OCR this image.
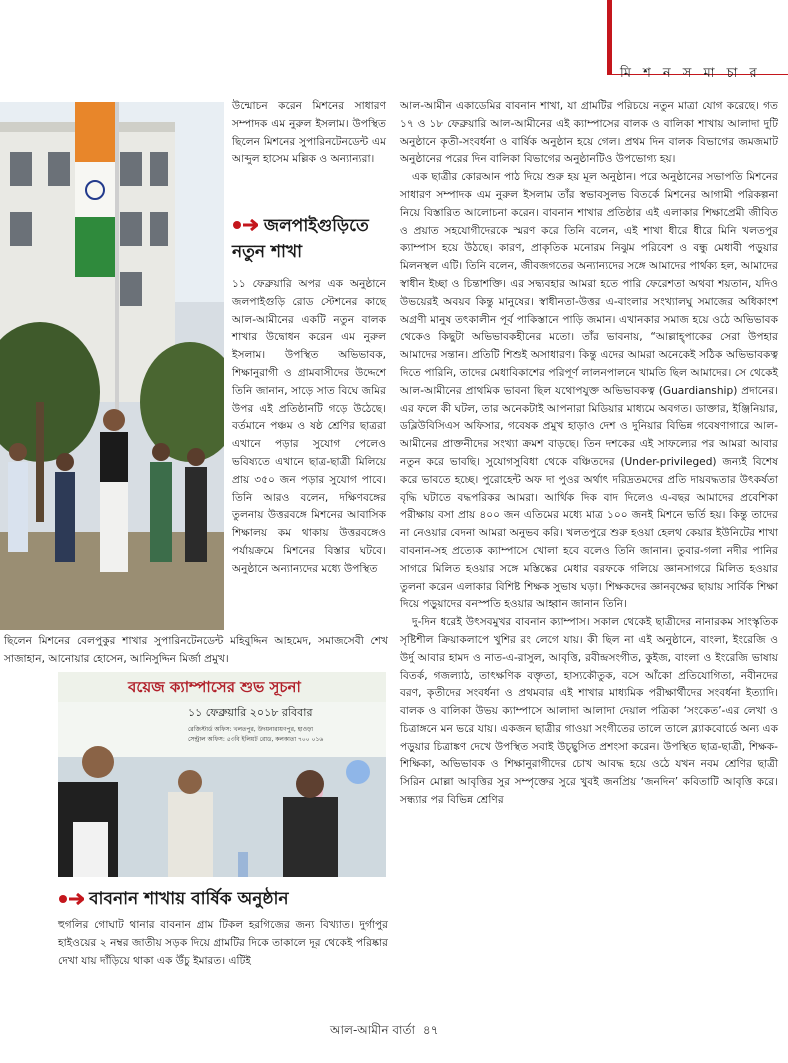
মি শ ন স মা চা র
উন্মোচন করেন মিশনের সাধারণ সম্পাদক এম নুরুল ইসলাম। উপস্থিত ছিলেন মিশনের সুপারিনটেনডেন্ট এম আব্দুল হাসেম মল্লিক ও অন্যান্যরা।
জলপাইগুড়িতে
নতুন শাখা
১১ ফেব্রুয়ারি অপর এক অনুষ্ঠানে জলপাইগুড়ি রোড স্টেশনের কাছে আল-আমীনের একটি নতুন বালক শাখার উদ্বোধন করেন এম নুরুল ইসলাম। উপস্থিত অভিভাবক, শিক্ষানুরাগী ও গ্রামবাসীদের উদ্দেশে তিনি জানান, সাড়ে সাত বিঘে জমির উপর এই প্রতিষ্ঠানটি গড়ে উঠেছে। বর্তমানে পঞ্চম ও ষষ্ঠ শ্রেণির ছাত্ররা এখানে পড়ার সুযোগ পেলেও ভবিষ্যতে এখানে ছাত্র-ছাত্রী মিলিয়ে প্রায় ৩৫০ জন পড়ার সুযোগ পাবে। তিনি আরও বলেন, দক্ষিণবঙ্গের তুলনায় উত্তরবঙ্গে মিশনের আবাসিক শিক্ষালয় কম থাকায় উত্তরবঙ্গেও পর্যায়ক্রমে মিশনের বিস্তার ঘটবে। অনুষ্ঠানে অন্যান্যদের মধ্যে উপস্থিত
ছিলেন মিশনের বেলপুকুর শাখার সুপারিনটেনডেন্ট মহিবুদ্দিন আহমেদ, সমাজসেবী শেখ সাজাহান, আনোয়ার হোসেন, আনিসুদ্দিন মির্জা প্রমুখ।
বয়েজ ক্যাম্পাসের শুভ সূচনা
১১ ফেব্রুয়ারি ২০১৮ রবিবার
রেজিস্টার্ড অফিস: খলতপুর, উদয়নারায়ণপুর, হাওড়া
সেন্ট্রাল অফিস: ৫৩বি ইলিয়ট রোড, কলকাতা ৭০০ ০১৬
বাবনান শাখায় বার্ষিক অনুষ্ঠান
হুগলির গোঘাট থানার বাবনান গ্রাম টিকল হরগিজের জন্য বিখ্যাত। দুর্গাপুর হাইওয়ের ২ নম্বর জাতীয় সড়ক দিয়ে গ্রামটির দিকে তাকালে দূর থেকেই পরিষ্কার দেখা যায় দাঁড়িয়ে থাকা এক উঁচু ইমারত। এটিই

আল-আমীন একাডেমির বাবনান শাখা, যা গ্রামটির পরিচয়ে নতুন মাত্রা যোগ করেছে। গত ১৭ ও ১৮ ফেব্রুয়ারি আল-আমীনের এই ক্যাম্পাসের বালক ও বালিকা শাখায় আলাদা দুটি অনুষ্ঠানে কৃতী-সংবর্ধনা ও বার্ষিক অনুষ্ঠান হয়ে গেল। প্রথম দিন বালক বিভাগের জমজমাট অনুষ্ঠানের পরের দিন বালিকা বিভাগের অনুষ্ঠানটিও উপভোগ্য হয়।

এক ছাত্রীর কোরআন পাঠ দিয়ে শুরু হয় মূল অনুষ্ঠান। পরে অনুষ্ঠানের সভাপতি মিশনের সাধারণ সম্পাদক এম নুরুল ইসলাম তাঁর স্বভাবসুলভ বিতর্কে মিশনের আগামী পরিকল্পনা নিয়ে বিস্তারিত আলোচনা করেন। বাবনান শাখার প্রতিষ্ঠার এই এলাকার শিক্ষাপ্রেমী জীবিত ও প্রয়াত সহযোগীদেরকে স্মরণ করে তিনি বলেন, এই শাখা ধীরে ধীরে মিনি খলতপুর ক্যাম্পাস হয়ে উঠছে। কারণ, প্রাকৃতিক মনোরম নিঝুম পরিবেশ ও বন্ধু মেধাবী পড়ুয়ার মিলনস্থল এটি। তিনি বলেন, জীবজগতের অন্যান্যদের সঙ্গে আমাদের পার্থক্য হল, আমাদের স্বাধীন ইচ্ছা ও চিন্তাশক্তি। এর সদ্ব্যবহার আমরা হতে পারি ফেরেশতা অথবা শয়তান, যদিও উভয়েরই অবয়ব কিন্তু মানুষের। স্বাধীনতা-উত্তর এ-বাংলার সংখ্যালঘু সমাজের অধিকাংশ অগ্রণী মানুষ তৎকালীন পূর্ব পাকিস্তানে পাড়ি জমান। এখানকার সমাজ হয়ে ওঠে অভিভাবক থেকেও কিছুটা অভিভাবকহীনের মতো। তাঁর ভাবনায়, “আল্লাহ্‌পাকের সেরা উপহার আমাদের সন্তান। প্রতিটি শিশুই অসাধারণ। কিন্তু এদের আমরা অনেকেই সঠিক অভিভাবকত্ব দিতে পারিনি, তাদের মেধাবিকাশের পরিপূর্ণ লালনপালনে খামতি ছিল আমাদের। সে থেকেই আল-আমীনের প্রাথমিক ভাবনা ছিল যথোপযুক্ত অভিভাবকত্ব (Guardianship) প্রদানের। এর ফলে কী ঘটল, তার অনেকটাই আপনারা মিডিয়ার মাধ্যমে অবগত। ডাক্তার, ইঞ্জিনিয়ার, ডব্লিউবিসিএস অফিসার, গবেষক প্রমুখ হাড়াও দেশ ও দুনিয়ার বিভিন্ন গবেষণাগারে আল-আমীনের প্রাক্তনীদের সংখ্যা ক্রমশ বাড়ছে। তিন দশকের এই সাফল্যের পর আমরা আবার নতুন করে ভাবছি। সুযোগসুবিধা থেকে বঞ্চিতদের (Under-privileged) জন্যই বিশেষ করে ভাবতে হচ্ছে। পুরোহেন্ট অফ দা পুওর অর্থাৎ দরিদ্রতমদের প্রতি দায়বদ্ধতার উৎকর্ষতা বৃদ্ধি ঘটাতে বদ্ধপরিকর আমরা। আর্থিক দিক বাদ দিলেও এ-বছর আমাদের প্রবেশিকা পরীক্ষায় বসা প্রায় ৪০০ জন এতিমের মধ্যে মাত্র ১০০ জনই মিশনে ভর্তি হয়। কিন্তু তাদের না নেওয়ার বেদনা আমরা অনুভব করি। খলতপুরে শুরু হওয়া হেলথ কেয়ার ইউনিটের শাখা বাবনান-সহ প্রত্যেক ক্যাম্পাসে খোলা হবে বলেও তিনি জানান। তুবার-গলা নদীর পানির সাগরে মিলিত হওয়ার সঙ্গে মস্তিষ্কের মেধার বরফকে গলিয়ে জ্ঞানসাগরে মিলিত হওয়ার তুলনা করেন এলাকার বিশিষ্ট শিক্ষক সুভাষ ঘড়া। শিক্ষকদের জ্ঞানবৃক্ষের ছায়ায় সার্বিক শিক্ষা দিয়ে পড়ুয়াদের বনস্পতি হওয়ার আহ্বান জানান তিনি।

দু-দিন ধরেই উৎসবমুখর বাবনান ক্যাম্পাস। সকাল থেকেই ছাত্রীদের নানারকম সাংস্কৃতিক সৃষ্টিশীল ক্রিয়াকলাপে খুশির রং লেগে যায়। কী ছিল না এই অনুষ্ঠানে, বাংলা, ইংরেজি ও উর্দু আবার হামদ ও নাত-এ-রাসুল, আবৃত্তি, রবীন্দ্রসংগীত, কুইজ, বাংলা ও ইংরেজি ভাষায় বিতর্ক, গজল্যাঠ, তাৎক্ষণিক বক্তৃতা, হাস্যকৌতুক, বসে আঁকো প্রতিযোগিতা, নবীনদের বরণ, কৃতীদের সংবর্ধনা ও প্রথমবার এই শাখার মাধ্যমিক পরীক্ষার্থীদের সংবর্ধনা ইত্যাদি। বালক ও বালিকা উভয় ক্যাম্পাসে আলাদা আলাদা দেয়াল পত্রিকা ‘সংকেত’-এর লেখা ও চিত্রাঙ্গনে মন ভরে যায়। একজন ছাত্রীর গাওয়া সংগীতের তালে তালে ব্ল্যাকবোর্ডে অন্য এক পড়ুয়ার চিত্রাঙ্কণ দেখে উপস্থিত সবাই উচ্ছ্বসিত প্রশংসা করেন। উপস্থিত ছাত্র-ছাত্রী, শিক্ষক-শিক্ষিকা, অভিভাবক ও শিক্ষানুরাগীদের চোখ আবদ্ধ হয়ে ওঠে যখন নবম শ্রেণির ছাত্রী সিরিন মোল্লা আবৃত্তির সুর সম্পৃক্তের সুরে খুবই জনপ্রিয় ‘জনদিন’ কবিতাটি আবৃত্তি করে। সন্ধ্যার পর বিভিন্ন শ্রেণির

আল-আমীন বার্তা ৪৭
